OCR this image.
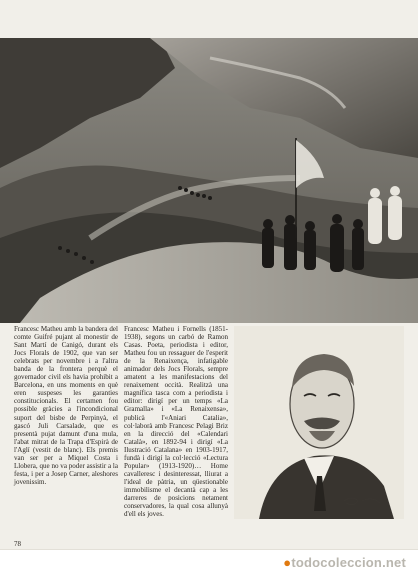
Francesc Matheu amb la bandera del comte Guifré pujant al monestir de Sant Martí de Canigó, durant els Jocs Florals de 1902, que van ser celebrats per novembre i a l'altra banda de la frontera perquè el governador civil els havia prohibit a Barcelona, en uns moments en què eren suspeses les garanties constitucionals. El certamen fou possible gràcies a l'incondicional suport del bisbe de Perpinyà, el gascó Juli Carsalade, que es presentà pujat damunt d'una mula, l'abat mitrat de la Trapa d'Espirà de l'Aglí (vestit de blanc). Els premis van ser per a Miquel Costa i Llobera, que no va poder assistir a la festa, i per a Josep Carner, aleshores jovenissim.
Francesc Matheu i Fornells (1851-1938), segons un carbó de Ramon Casas. Poeta, periodista i editor, Matheu fou un ressaguer de l'esperit de la Renaixença, infatigable animador dels Jocs Florals, sempre amatent a les manifestacions del renaixement occità. Realitzà una magnífica tasca com a periodista i editor: dirigí per un temps «La Gramalla» i «La Renaixensa», publicà l'«Aniari Catalia», col·laborà amb Francesc Pelagi Briz en la direcció del «Calendari Català», en 1892-94 i dirigí «La Ilustració Catalana» en 1903-1917, fundà i dirigí la col·lecció «Lectura Popular» (1913-1920)… Home cavalleresc i desinteressat, lliurat a l'ideal de pàtria, un qüestionable immobilisme el decantà cap a les darreres de posicions netament conservadores, la qual cosa allunyà d'ell els joves.
78
●todocoleccion.net
